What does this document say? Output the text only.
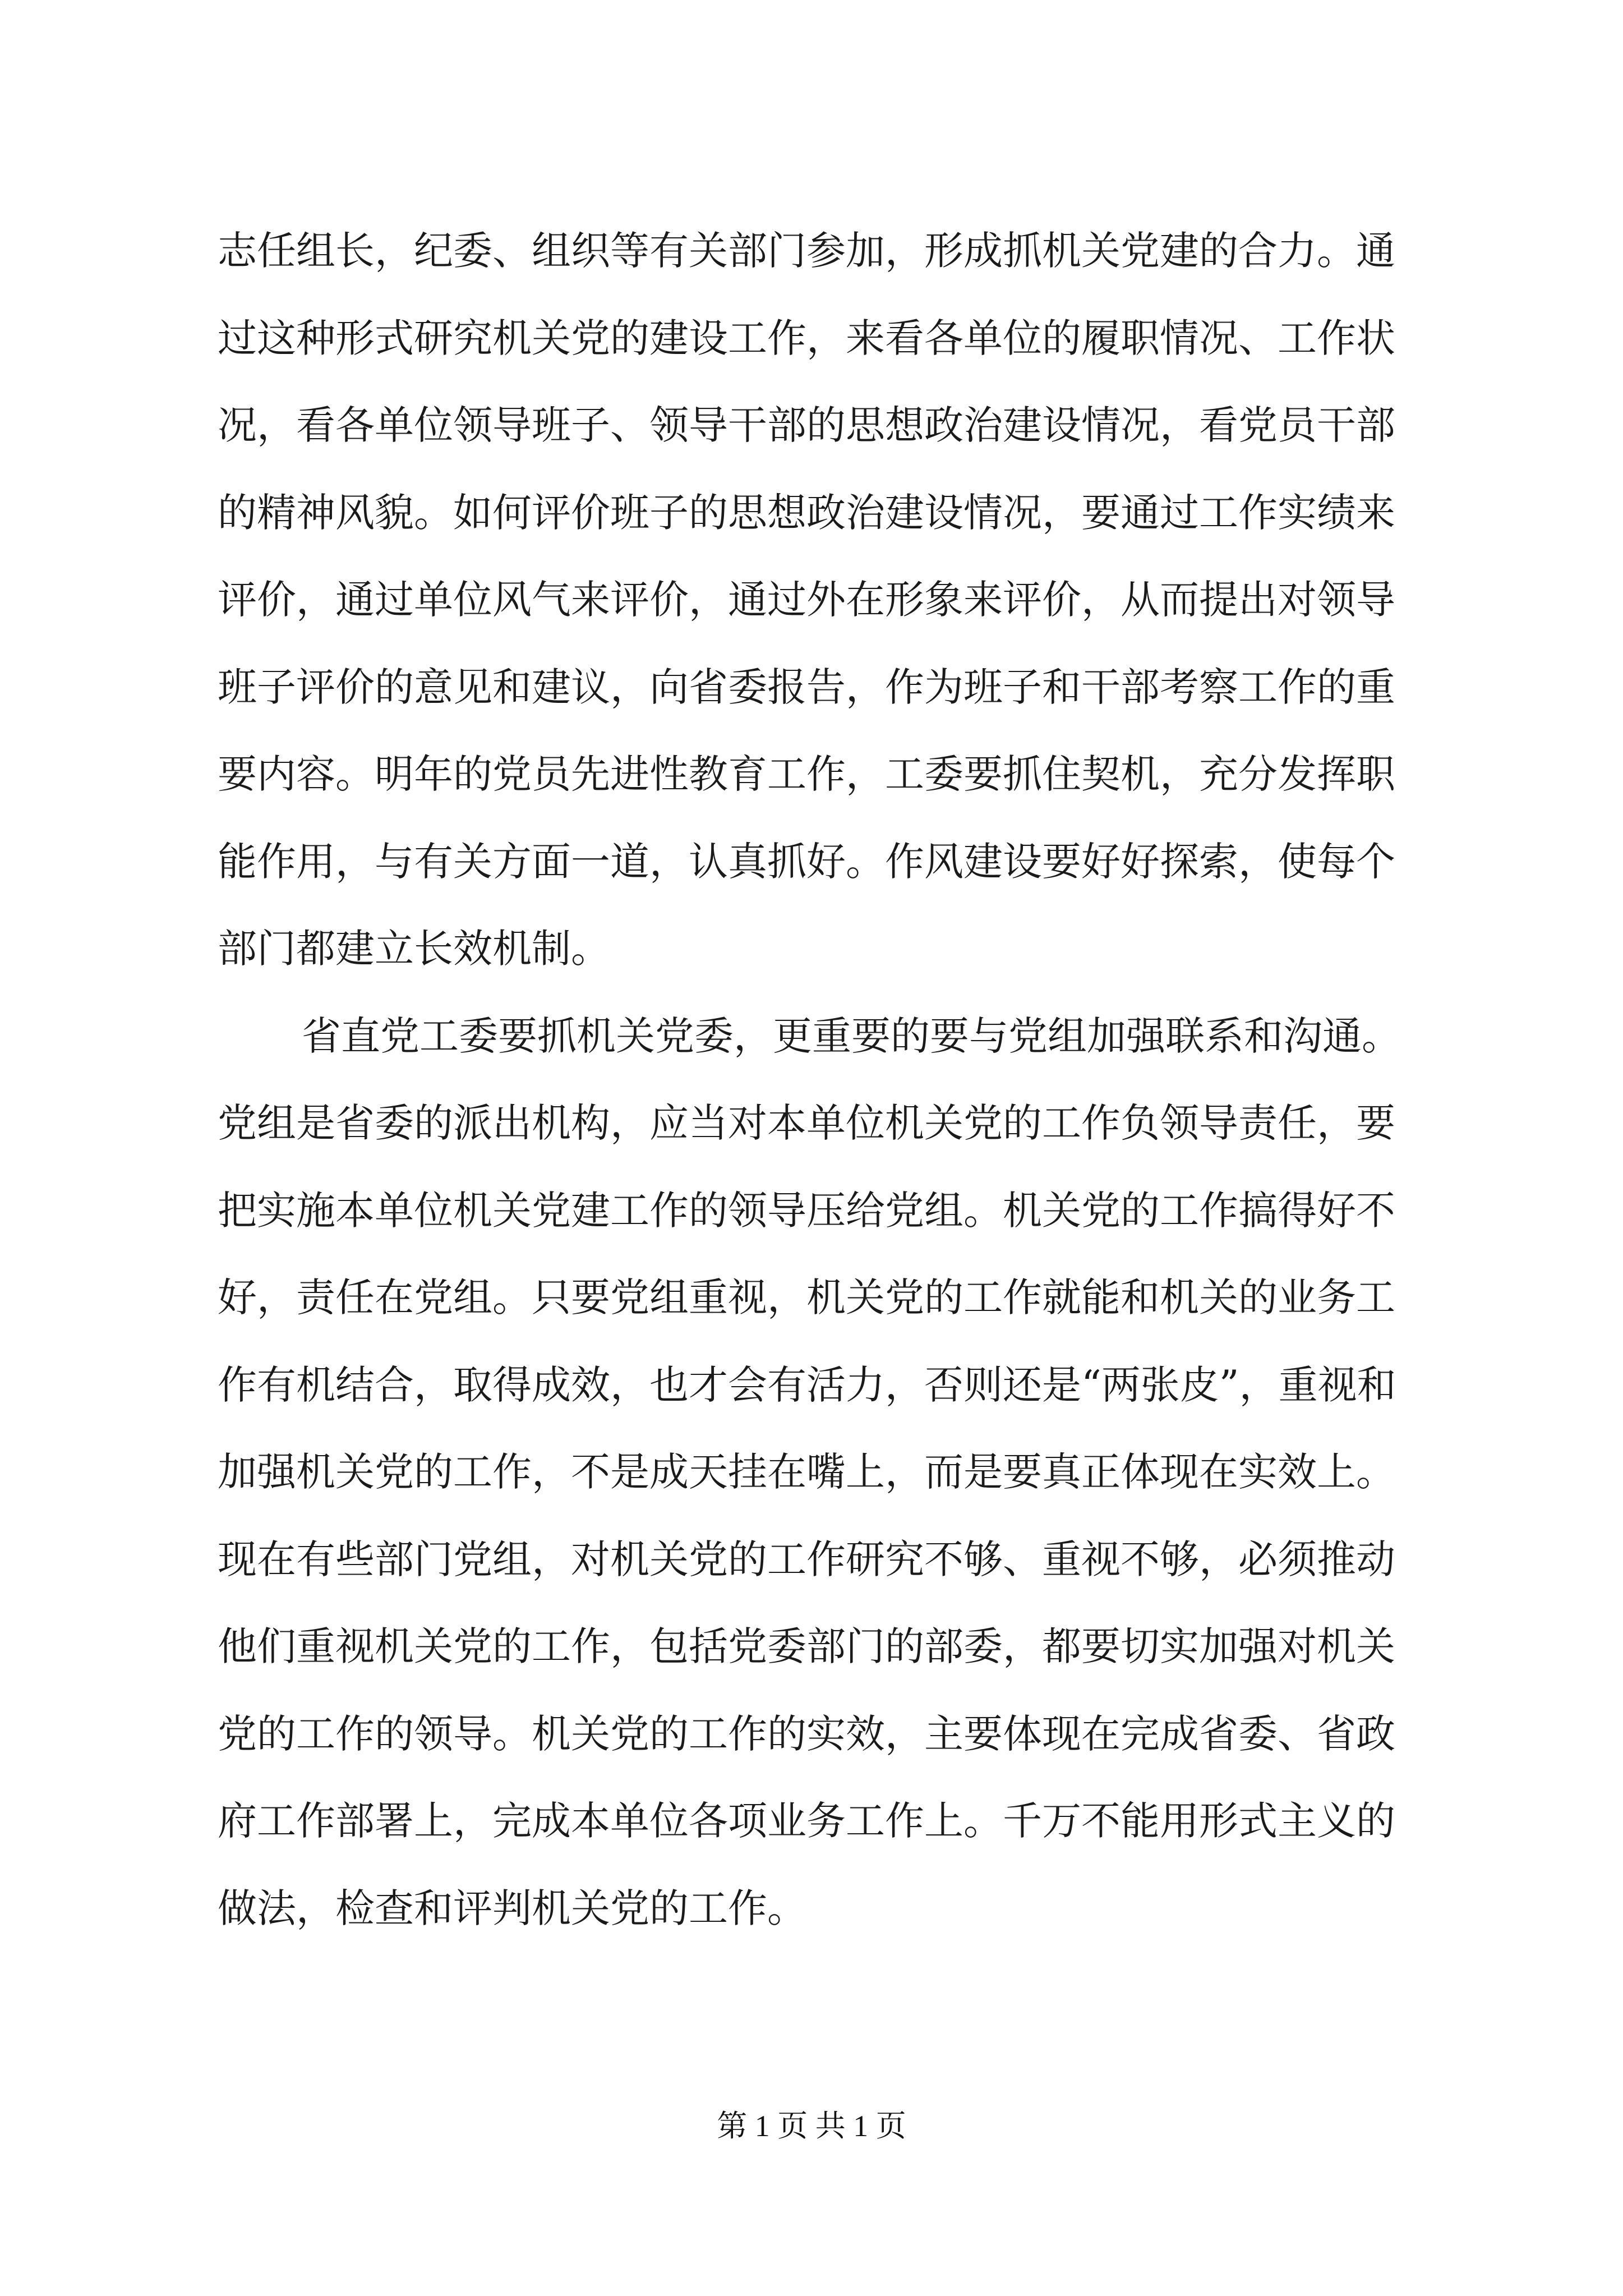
志任组长，纪委、组织等有关部门参加，形成抓机关党建的合力。通过这种形式研究机关党的建设工作，来看各单位的履职情况、工作状况，看各单位领导班子、领导干部的思想政治建设情况，看党员干部的精神风貌。如何评价班子的思想政治建设情况，要通过工作实绩来评价，通过单位风气来评价，通过外在形象来评价，从而提出对领导班子评价的意见和建议，向省委报告，作为班子和干部考察工作的重要内容。明年的党员先进性教育工作，工委要抓住契机，充分发挥职能作用，与有关方面一道，认真抓好。作风建设要好好探索，使每个部门都建立长效机制。

省直党工委要抓机关党委，更重要的要与党组加强联系和沟通。党组是省委的派出机构，应当对本单位机关党的工作负领导责任，要把实施本单位机关党建工作的领导压给党组。机关党的工作搞得好不好，责任在党组。只要党组重视，机关党的工作就能和机关的业务工作有机结合，取得成效，也才会有活力，否则还是“两张皮”，重视和加强机关党的工作，不是成天挂在嘴上，而是要真正体现在实效上。现在有些部门党组，对机关党的工作研究不够、重视不够，必须推动他们重视机关党的工作，包括党委部门的部委，都要切实加强对机关党的工作的领导。机关党的工作的实效，主要体现在完成省委、省政府工作部署上，完成本单位各项业务工作上。千万不能用形式主义的做法，检查和评判机关党的工作。

第 1 页 共 1 页
